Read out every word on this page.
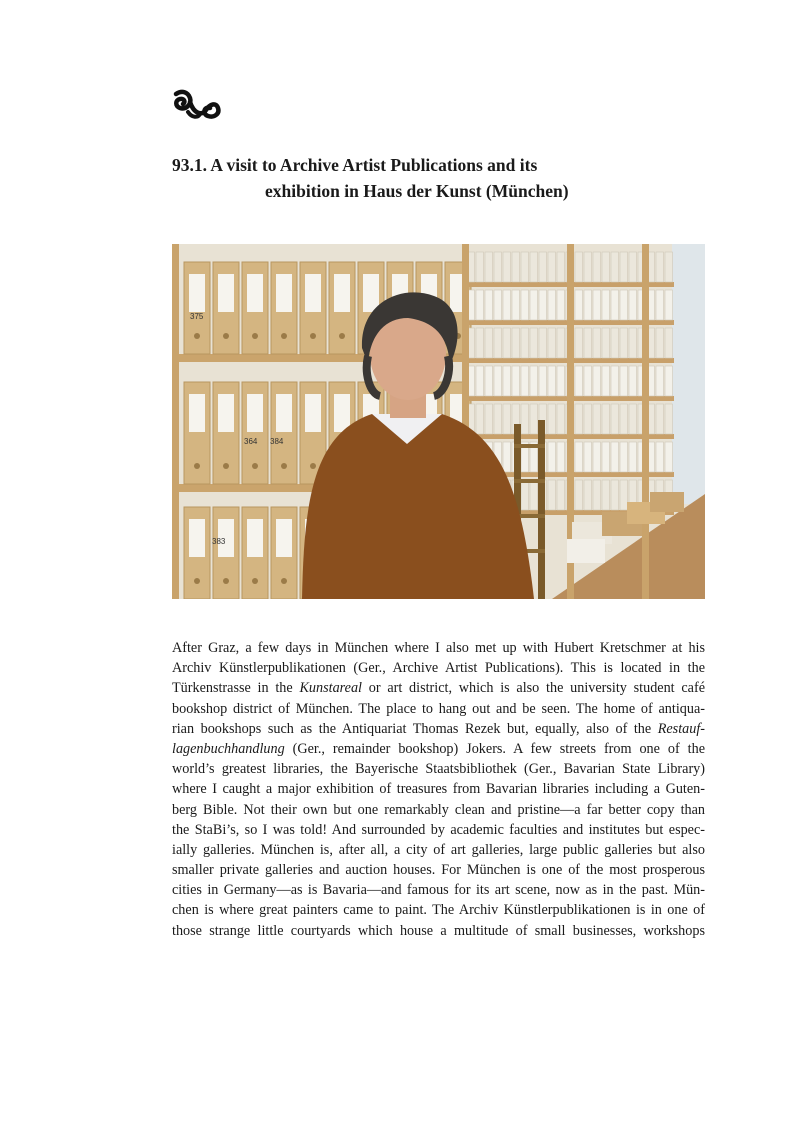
93.1. A visit to Archive Artist Publications and its
exhibition in Haus der Kunst (München)
375
364 384
383
After Graz, a few days in München where I also met up with Hubert Kretschmer at his
Archiv Künstlerpublikationen (Ger., Archive Artist Publications). This is located in the
Türkenstrasse in the Kunstareal or art district, which is also the university student café
bookshop district of München. The place to hang out and be seen. The home of antiqua-
rian bookshops such as the Antiquariat Thomas Rezek but, equally, also of the Restauf-
lagenbuchhandlung (Ger., remainder bookshop) Jokers. A few streets from one of the
world’s greatest libraries, the Bayerische Staatsbibliothek (Ger., Bavarian State Library)
where I caught a major exhibition of treasures from Bavarian libraries including a Guten-
berg Bible. Not their own but one remarkably clean and pristine—a far better copy than
the StaBi’s, so I was told! And surrounded by academic faculties and institutes but espec-
ially galleries. München is, after all, a city of art galleries, large public galleries but also
smaller private galleries and auction houses. For München is one of the most prosperous
cities in Germany—as is Bavaria—and famous for its art scene, now as in the past. Mün-
chen is where great painters came to paint. The Archiv Künstlerpublikationen is in one of
those strange little courtyards which house a multitude of small businesses, workshops
